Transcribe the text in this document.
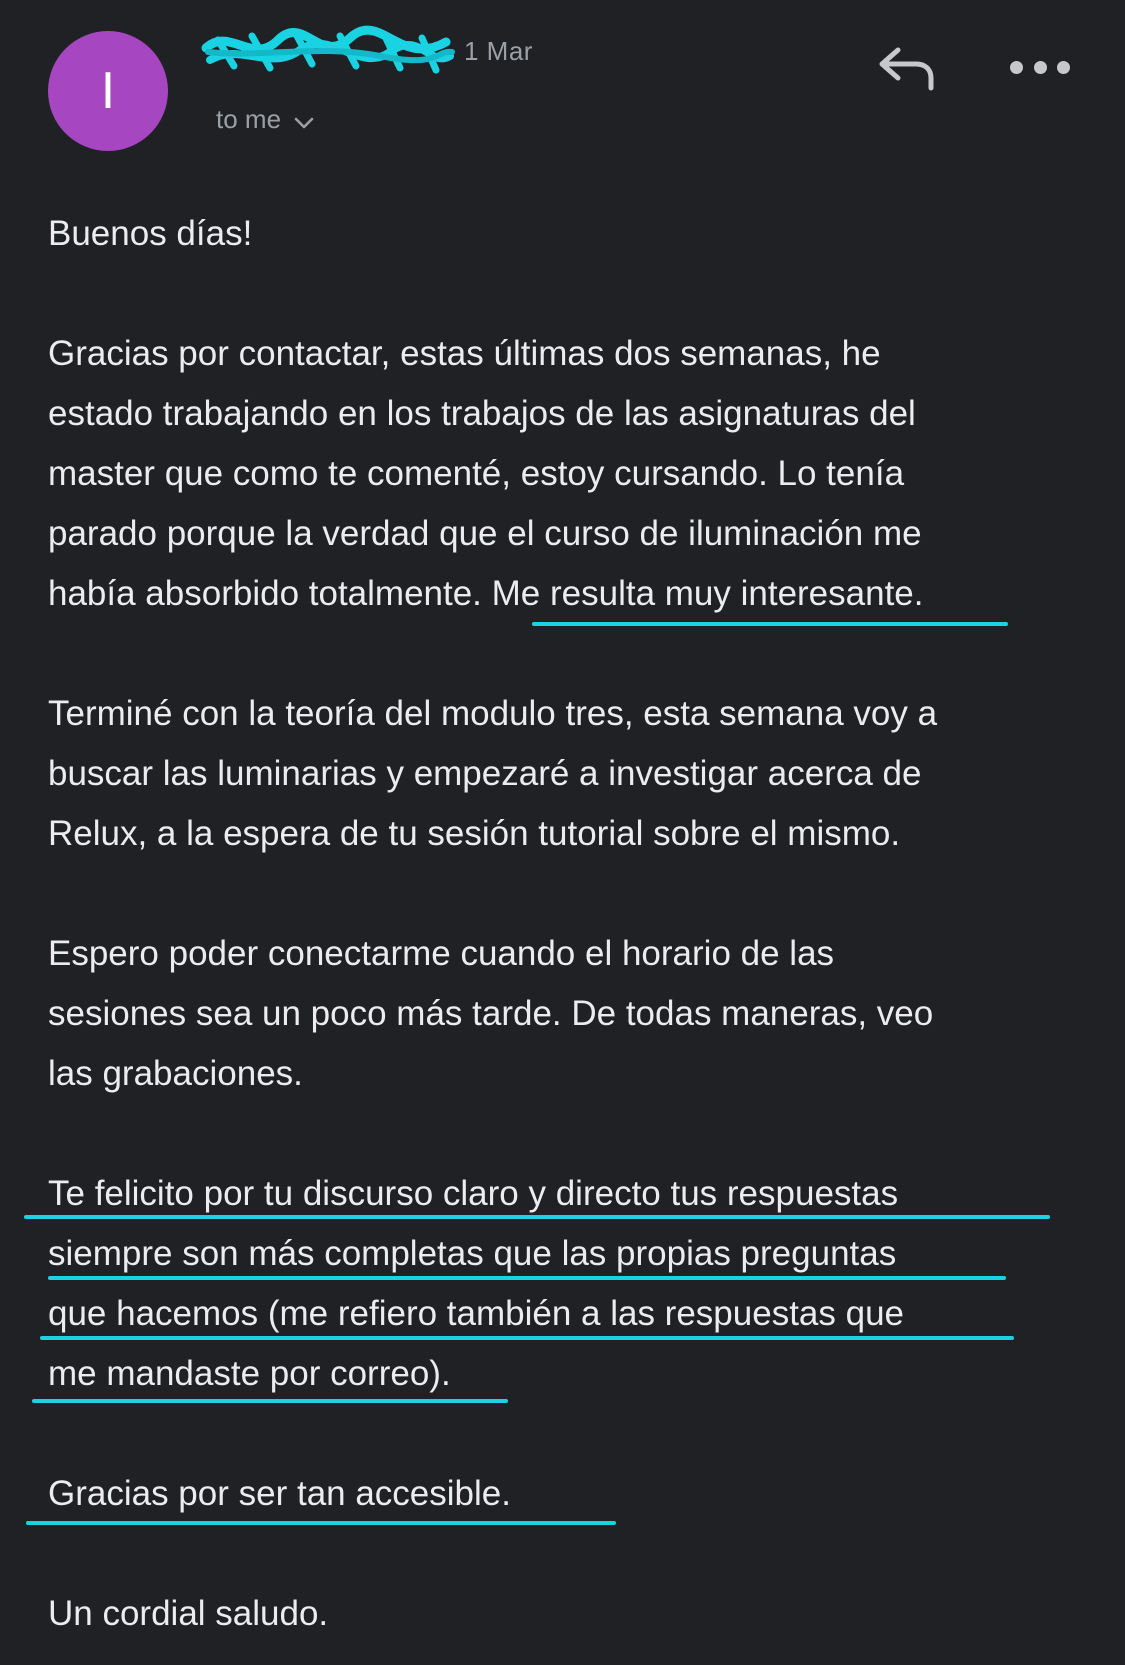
I
1 Mar
to me

Buenos días!

Gracias por contactar, estas últimas dos semanas, he
estado trabajando en los trabajos de las asignaturas del
master que como te comenté, estoy cursando. Lo tenía
parado porque la verdad que el curso de iluminación me
había absorbido totalmente. Me resulta muy interesante.

Terminé con la teoría del modulo tres, esta semana voy a
buscar las luminarias y empezaré a investigar acerca de
Relux, a la espera de tu sesión tutorial sobre el mismo.

Espero poder conectarme cuando el horario de las
sesiones sea un poco más tarde. De todas maneras, veo
las grabaciones.

Te felicito por tu discurso claro y directo tus respuestas
siempre son más completas que las propias preguntas
que hacemos (me refiero también a las respuestas que
me mandaste por correo).

Gracias por ser tan accesible.

Un cordial saludo.
